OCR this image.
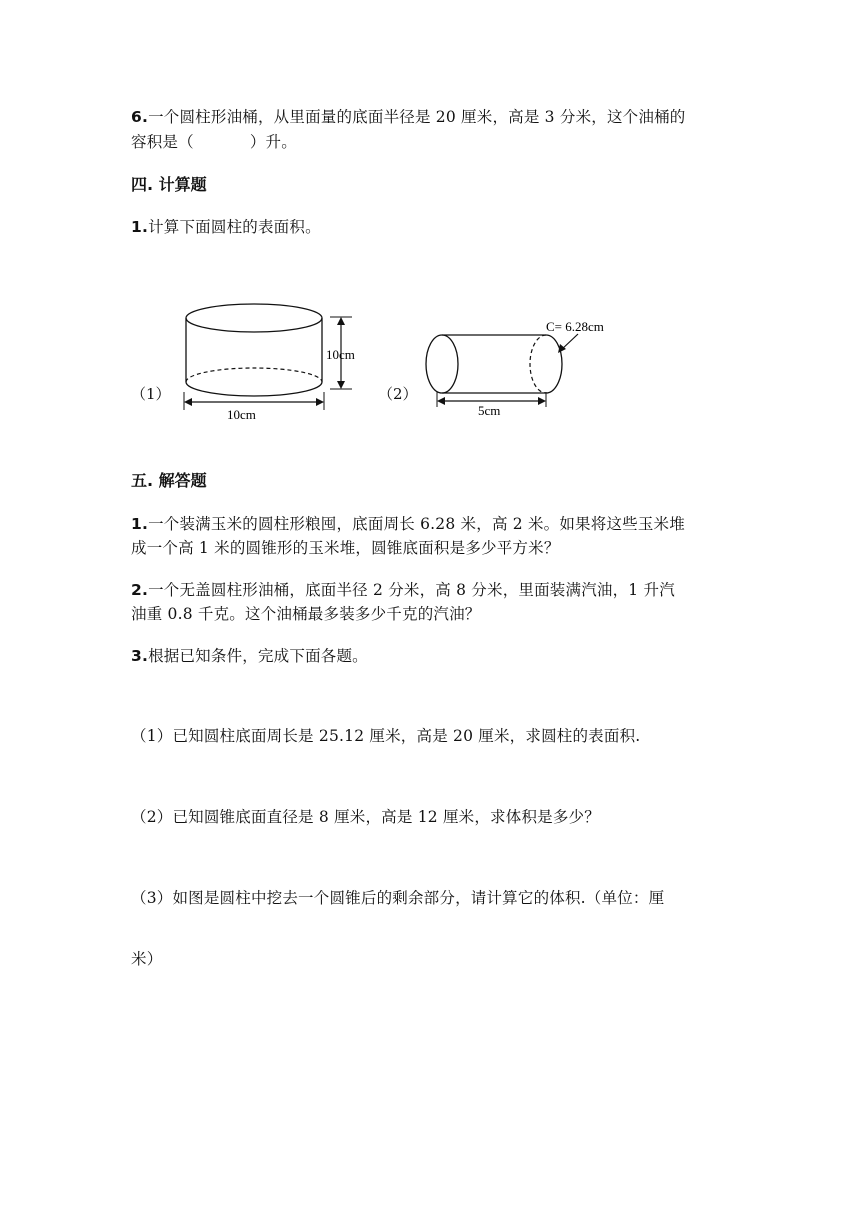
6.一个圆柱形油桶，从里面量的底面半径是 20 厘米，高是 3 分米，这个油桶的
容积是（	）升。
四. 计算题
1.计算下面圆柱的表面积。
（1）	（2）
10cm
10cm
C= 6.28cm
5cm
五. 解答题
1.一个装满玉米的圆柱形粮囤，底面周长 6.28 米，高 2 米。如果将这些玉米堆
成一个高 1 米的圆锥形的玉米堆，圆锥底面积是多少平方米？
2.一个无盖圆柱形油桶，底面半径 2 分米，高 8 分米，里面装满汽油，1 升汽
油重 0.8 千克。这个油桶最多装多少千克的汽油？
3.根据已知条件，完成下面各题。
（1）已知圆柱底面周长是 25.12 厘米，高是 20 厘米，求圆柱的表面积.
（2）已知圆锥底面直径是 8 厘米，高是 12 厘米，求体积是多少？
（3）如图是圆柱中挖去一个圆锥后的剩余部分，请计算它的体积.（单位：厘
米）
